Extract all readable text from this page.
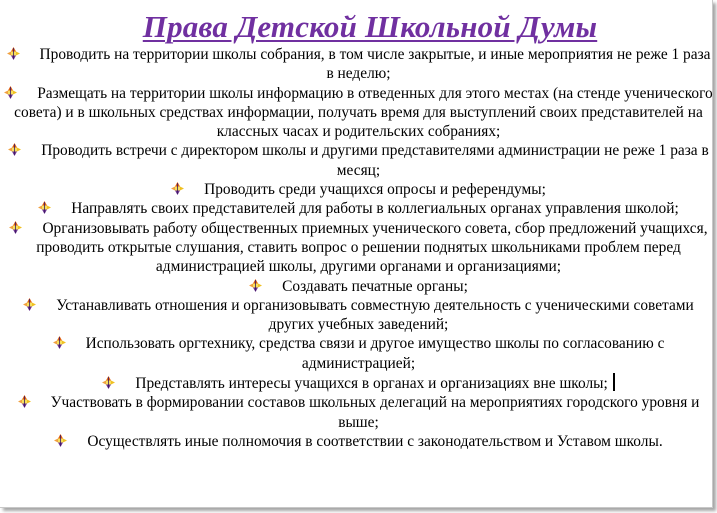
Права Детской Школьной Думы
Проводить на территории школы собрания, в том числе закрытые, и иные мероприятия не реже 1 раза в неделю;
Размещать на территории школы информацию в отведенных для этого местах (на стенде ученического совета) и в школьных средствах информации, получать время для выступлений своих представителей на классных часах и родительских собраниях;
Проводить встречи с директором школы и другими представителями администрации не реже 1 раза в месяц;
Проводить среди учащихся опросы и референдумы;
Направлять своих представителей для работы в коллегиальных органах управления школой;
Организовывать работу общественных приемных ученического совета, сбор предложений учащихся, проводить открытые слушания, ставить вопрос о решении поднятых школьниками проблем перед администрацией школы, другими органами и организациями;
Создавать печатные органы;
Устанавливать отношения и организовывать совместную деятельность с ученическими советами других учебных заведений;
Использовать оргтехнику, средства связи и другое имущество школы по согласованию с администрацией;
Представлять интересы учащихся в органах и организациях вне школы;
Участвовать в формировании составов школьных делегаций на мероприятиях городского уровня и выше;
Осуществлять иные полномочия в соответствии с законодательством и Уставом школы.
